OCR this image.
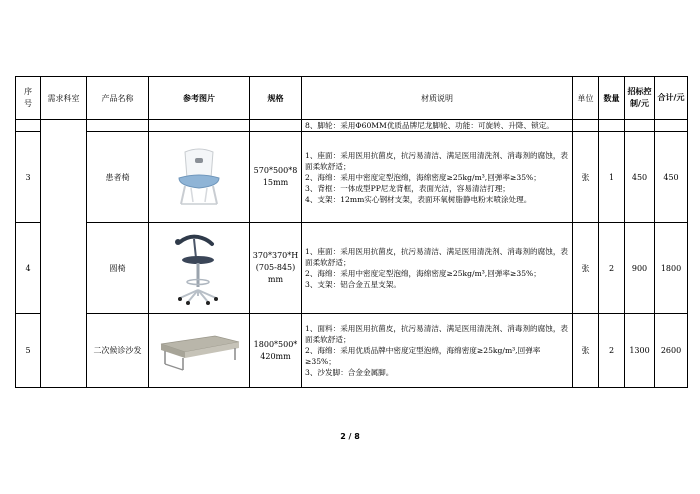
序号	需求科室	产品名称	参考图片	规格	材质说明	单位	数量	招标控制/元	合计/元

					8、脚轮：采用Φ60MM优质品牌尼龙脚轮、功能：可旋转、升降、锁定。				

3		患者椅		570*500*815mm	1、座面：采用医用抗菌皮，抗污易清洁、满足医用清洗剂、消毒剂的腐蚀，表面柔软舒适；
2、海绵：采用中密度定型泡绵，海绵密度≥25kg/m³,回弹率≥35%；
3、背框：一体成型PP尼龙背框，表面光洁，容易清洁打理；
4、支架：12mm实心钢材支架，表面环氧树脂静电粉末喷涂处理。	张	1	450	450
4		圆椅		370*370*H(705-845)mm	1、座面：采用医用抗菌皮，抗污易清洁、满足医用清洗剂、消毒剂的腐蚀，表面柔软舒适；
2、海绵：采用中密度定型泡绵，海绵密度≥25kg/m³,回弹率≥35%；
3、支架：铝合金五星支架。	张	2	900	1800
5		二次候诊沙发		1800*500*420mm	1、面料：采用医用抗菌皮，抗污易清洁、满足医用清洗剂、消毒剂的腐蚀，表面柔软舒适；
2、海绵：采用优质品牌中密度定型泡绵，海绵密度≥25kg/m³,回弹率≥35%；
3、沙发脚：合金金属脚。	张	2	1300	2600
2 / 8
